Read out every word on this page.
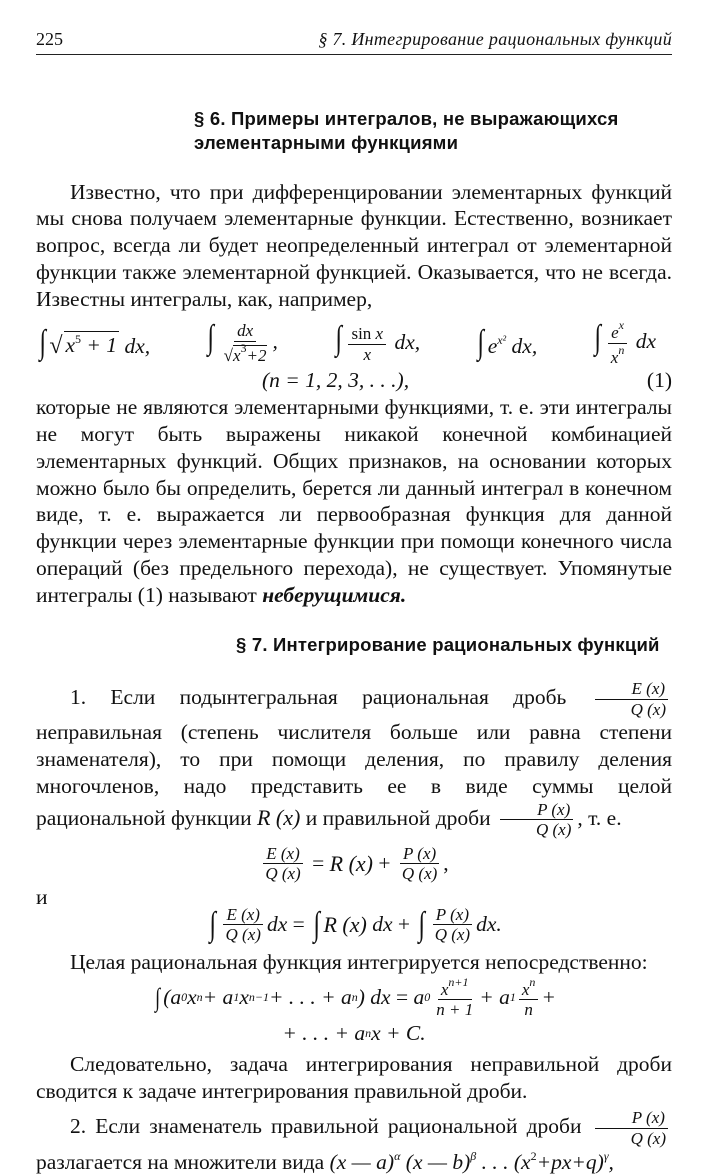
225	§ 7. Интегрирование рациональных функций
§ 6. Примеры интегралов, не выражающихся элементарными функциями

Известно, что при дифференцировании элементарных функций мы снова получаем элементарные функции. Естественно, возникает вопрос, всегда ли будет неопределенный интеграл от элементарной функции также элементарной функцией. Оказывается, что не всегда. Известны интегралы, как, например,

∫ √ $x^5 + 1$ dx, ∫ $\frac{dx}{√x^3+2}$ , ∫ $\frac{\text{sin x}}{x}$ dx, ∫ $e^{x^2}$ dx, ∫ $\frac{e^x}{x^n}$ dx
(n = 1, 2, 3, . . .),	(1)

которые не являются элементарными функциями, т. е. эти интегралы не могут быть выражены никакой конечной комбинацией элементарных функций. Общих признаков, на основании которых можно было бы определить, берется ли данный интеграл в конечном виде, т. е. выражается ли первообразная функция для данной функции через элементарные функции при помощи конечного числа операций (без предельного перехода), не существует. Упомянутые интегралы (1) называют неберущимися.

§ 7. Интегрирование рациональных функций

1. Если подынтегральная рациональная дробь $\frac{E (x)}{Q (x)}$
неправильная (степень числителя больше или равна степени знаменателя), то при помощи деления, по правилу деления многочленов, надо представить ее в виде суммы целой рациональной функции R (x) и правильной дроби $\frac{P (x)}{Q (x)}$ , т. е.

$\frac{E (x)}{Q (x)} = R$ $(x) + \frac{P (x)}{Q (x)}$ ,
и
∫ $\frac{E (x)}{Q (x)}$ dx = ∫ R (x) dx + ∫ $\frac{P (x)}{Q (x)}$ dx.

Целая рациональная функция интегрируется непосредственно:

∫ (a 0 x n + a 1 x n−1 + . . . + a n ) dx = a $0 \frac{x^{n+1}}{n + 1} + a$ $1 \frac{x^n}{n}$ +
+ . . . + a n x + C.

Следовательно, задача интегрирования неправильной дроби сводится к задаче интегрирования правильной дроби.

2. Если знаменатель правильной рациональной дроби $\frac{P (x)}{Q (x)}$
разлагается на множители вида (x — a)$^\alpha$ (x — b)$^\beta$ . . . $(x^2+px+q)^\gamma$,
